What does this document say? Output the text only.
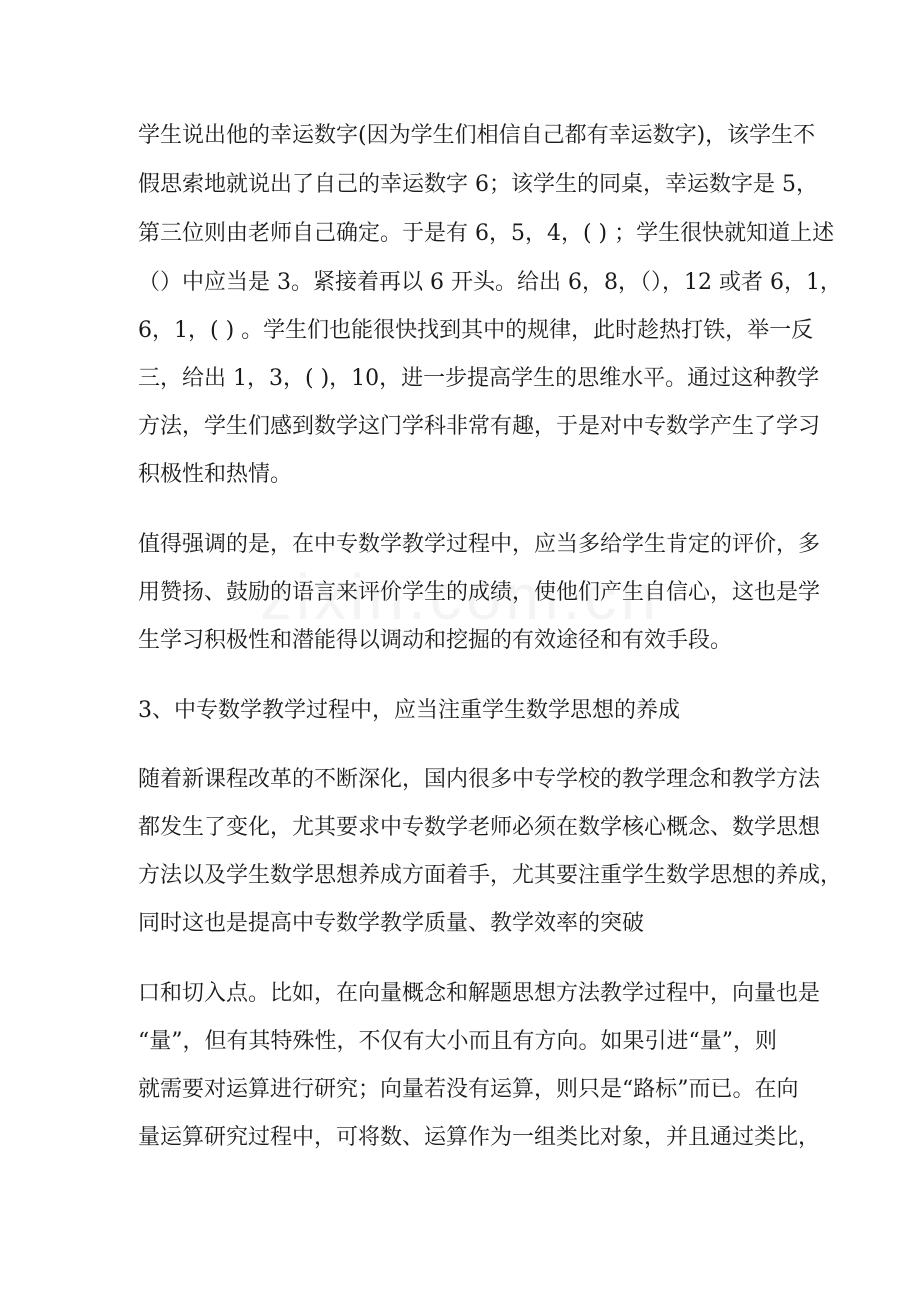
学生说出他的幸运数字(因为学生们相信自己都有幸运数字)，该学生不
假思索地就说出了自己的幸运数字 6；该学生的同桌，幸运数字是 5，
第三位则由老师自己确定。于是有 6，5，4，( ) ；学生很快就知道上述
（）中应当是 3。紧接着再以 6 开头。给出 6，8，（），12 或者 6，1，
6，1，( ) 。学生们也能很快找到其中的规律，此时趁热打铁，举一反
三，给出 1，3，( )，10，进一步提高学生的思维水平。通过这种教学
方法，学生们感到数学这门学科非常有趣，于是对中专数学产生了学习
积极性和热情。
值得强调的是，在中专数学教学过程中，应当多给学生肯定的评价，多
用赞扬、鼓励的语言来评价学生的成绩，使他们产生自信心，这也是学
生学习积极性和潜能得以调动和挖掘的有效途径和有效手段。
3、中专数学教学过程中，应当注重学生数学思想的养成
随着新课程改革的不断深化，国内很多中专学校的教学理念和教学方法
都发生了变化，尤其要求中专数学老师必须在数学核心概念、数学思想
方法以及学生数学思想养成方面着手，尤其要注重学生数学思想的养成，
同时这也是提高中专数学教学质量、教学效率的突破
口和切入点。比如，在向量概念和解题思想方法教学过程中，向量也是
“量”，但有其特殊性，不仅有大小而且有方向。如果引进“量”，则
就需要对运算进行研究；向量若没有运算，则只是“路标”而已。在向
量运算研究过程中，可将数、运算作为一组类比对象，并且通过类比，
